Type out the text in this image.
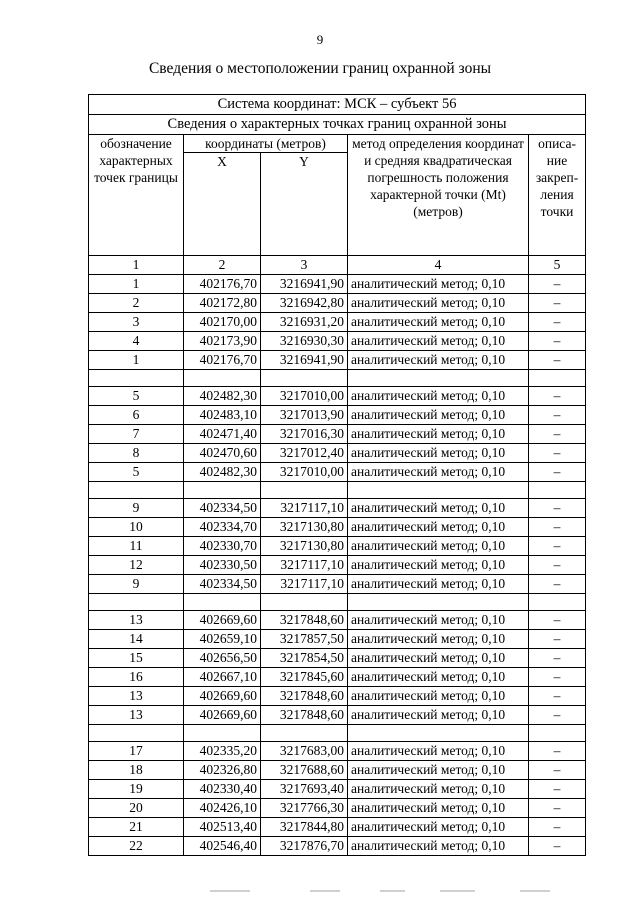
9
Сведения о местоположении границ охранной зоны
Система координат: МСК – субъект 56				
Сведения о характерных точках границ охранной зоны				
обозначение характерных точек границы	координаты (метров)		метод определения координат и средняя квадратическая погрешность положения характерной точки (Mt) (метров)	описа-ние закреп-ления точки
	X	Y		
1	2	3	4	5
1	402176,70	3216941,90	аналитический метод; 0,10	–
2	402172,80	3216942,80	аналитический метод; 0,10	–
3	402170,00	3216931,20	аналитический метод; 0,10	–
4	402173,90	3216930,30	аналитический метод; 0,10	–
1	402176,70	3216941,90	аналитический метод; 0,10	–

5	402482,30	3217010,00	аналитический метод; 0,10	–
6	402483,10	3217013,90	аналитический метод; 0,10	–
7	402471,40	3217016,30	аналитический метод; 0,10	–
8	402470,60	3217012,40	аналитический метод; 0,10	–
5	402482,30	3217010,00	аналитический метод; 0,10	–

9	402334,50	3217117,10	аналитический метод; 0,10	–
10	402334,70	3217130,80	аналитический метод; 0,10	–
11	402330,70	3217130,80	аналитический метод; 0,10	–
12	402330,50	3217117,10	аналитический метод; 0,10	–
9	402334,50	3217117,10	аналитический метод; 0,10	–

13	402669,60	3217848,60	аналитический метод; 0,10	–
14	402659,10	3217857,50	аналитический метод; 0,10	–
15	402656,50	3217854,50	аналитический метод; 0,10	–
16	402667,10	3217845,60	аналитический метод; 0,10	–
13	402669,60	3217848,60	аналитический метод; 0,10	–
13	402669,60	3217848,60	аналитический метод; 0,10	–

17	402335,20	3217683,00	аналитический метод; 0,10	–
18	402326,80	3217688,60	аналитический метод; 0,10	–
19	402330,40	3217693,40	аналитический метод; 0,10	–
20	402426,10	3217766,30	аналитический метод; 0,10	–
21	402513,40	3217844,80	аналитический метод; 0,10	–
22	402546,40	3217876,70	аналитический метод; 0,10	–
